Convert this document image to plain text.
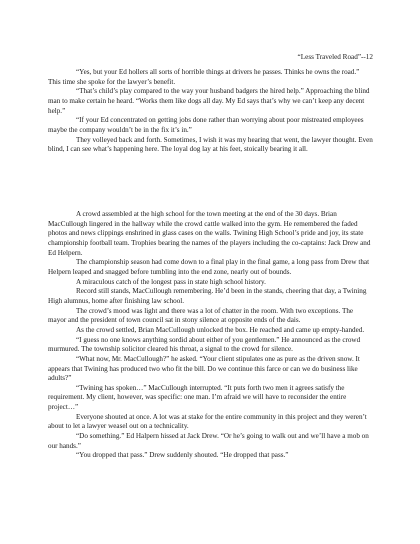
“Less Traveled Road”--12

“Yes, but your Ed hollers all sorts of horrible things at drivers he passes. Thinks he owns the road.” This time she spoke for the lawyer’s benefit.

“That’s child’s play compared to the way your husband badgers the hired help.” Approaching the blind man to make certain he heard. “Works them like dogs all day. My Ed says that’s why we can’t keep any decent help.”

“If your Ed concentrated on getting jobs done rather than worrying about poor mistreated employees maybe the company wouldn’t be in the fix it’s in.”

They volleyed back and forth. Sometimes, I wish it was my hearing that went, the lawyer thought. Even blind, I can see what’s happening here. The loyal dog lay at his feet, stoically bearing it all.

A crowd assembled at the high school for the town meeting at the end of the 30 days. Brian MacCullough lingered in the hallway while the crowd cattle walked into the gym. He remembered the faded photos and news clippings enshrined in glass cases on the walls. Twining High School’s pride and joy, its state championship football team. Trophies bearing the names of the players including the co-captains: Jack Drew and Ed Helpern.

The championship season had come down to a final play in the final game, a long pass from Drew that Helpern leaped and snagged before tumbling into the end zone, nearly out of bounds.

A miraculous catch of the longest pass in state high school history.

Record still stands, MacCullough remembering. He’d been in the stands, cheering that day, a Twining High alumnus, home after finishing law school.

The crowd’s mood was light and there was a lot of chatter in the room. With two exceptions. The mayor and the president of town council sat in stony silence at opposite ends of the dais.

As the crowd settled, Brian MacCullough unlocked the box. He reached and came up empty-handed.

“I guess no one knows anything sordid about either of you gentlemen.” He announced as the crowd murmured. The township solicitor cleared his throat, a signal to the crowd for silence.

“What now, Mr. MacCullough?” he asked. “Your client stipulates one as pure as the driven snow. It appears that Twining has produced two who fit the bill. Do we continue this farce or can we do business like adults?”

“Twining has spoken…” MacCullough interrupted. “It puts forth two men it agrees satisfy the requirement. My client, however, was specific: one man. I’m afraid we will have to reconsider the entire project…”

Everyone shouted at once. A lot was at stake for the entire community in this project and they weren’t about to let a lawyer weasel out on a technicality.

“Do something.” Ed Halpern hissed at Jack Drew. “Or he’s going to walk out and we’ll have a mob on our hands.”

“You dropped that pass.” Drew suddenly shouted. “He dropped that pass.”
